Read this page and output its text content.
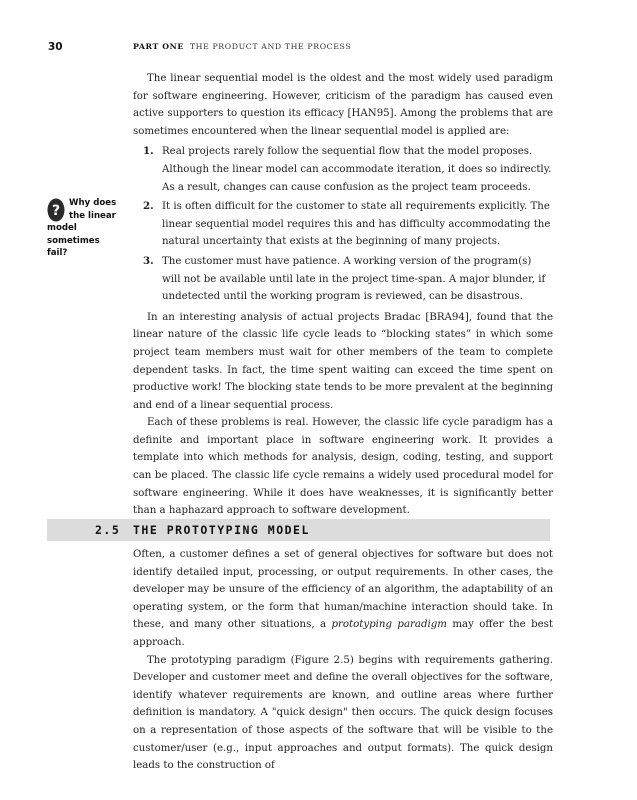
30	PART ONE THE PRODUCT AND THE PROCESS
?	Why does
the linear
model sometimes
fail?

The linear sequential model is the oldest and the most widely used paradigm for software engineering. However, criticism of the paradigm has caused even active supporters to question its efficacy [HAN95]. Among the problems that are sometimes encountered when the linear sequential model is applied are:

1. Real projects rarely follow the sequential flow that the model proposes. Although the linear model can accommodate iteration, it does so indirectly. As a result, changes can cause confusion as the project team proceeds.
2. It is often difficult for the customer to state all requirements explicitly. The linear sequential model requires this and has difficulty accommodating the natural uncertainty that exists at the beginning of many projects.
3. The customer must have patience. A working version of the program(s) will not be available until late in the project time-span. A major blunder, if undetected until the working program is reviewed, can be disastrous.

In an interesting analysis of actual projects Bradac [BRA94], found that the linear nature of the classic life cycle leads to “blocking states” in which some project team members must wait for other members of the team to complete dependent tasks. In fact, the time spent waiting can exceed the time spent on productive work! The blocking state tends to be more prevalent at the beginning and end of a linear sequential process.

Each of these problems is real. However, the classic life cycle paradigm has a definite and important place in software engineering work. It provides a template into which methods for analysis, design, coding, testing, and support can be placed. The classic life cycle remains a widely used procedural model for software engineering. While it does have weaknesses, it is significantly better than a haphazard approach to software development.

2.5 THE PROTOTYPING MODEL

Often, a customer defines a set of general objectives for software but does not identify detailed input, processing, or output requirements. In other cases, the developer may be unsure of the efficiency of an algorithm, the adaptability of an operating system, or the form that human/machine interaction should take. In these, and many other situations, a prototyping paradigm may offer the best approach.

The prototyping paradigm (Figure 2.5) begins with requirements gathering. Developer and customer meet and define the overall objectives for the software, identify whatever requirements are known, and outline areas where further definition is mandatory. A "quick design" then occurs. The quick design focuses on a representation of those aspects of the software that will be visible to the customer/user (e.g., input approaches and output formats). The quick design leads to the construction of
